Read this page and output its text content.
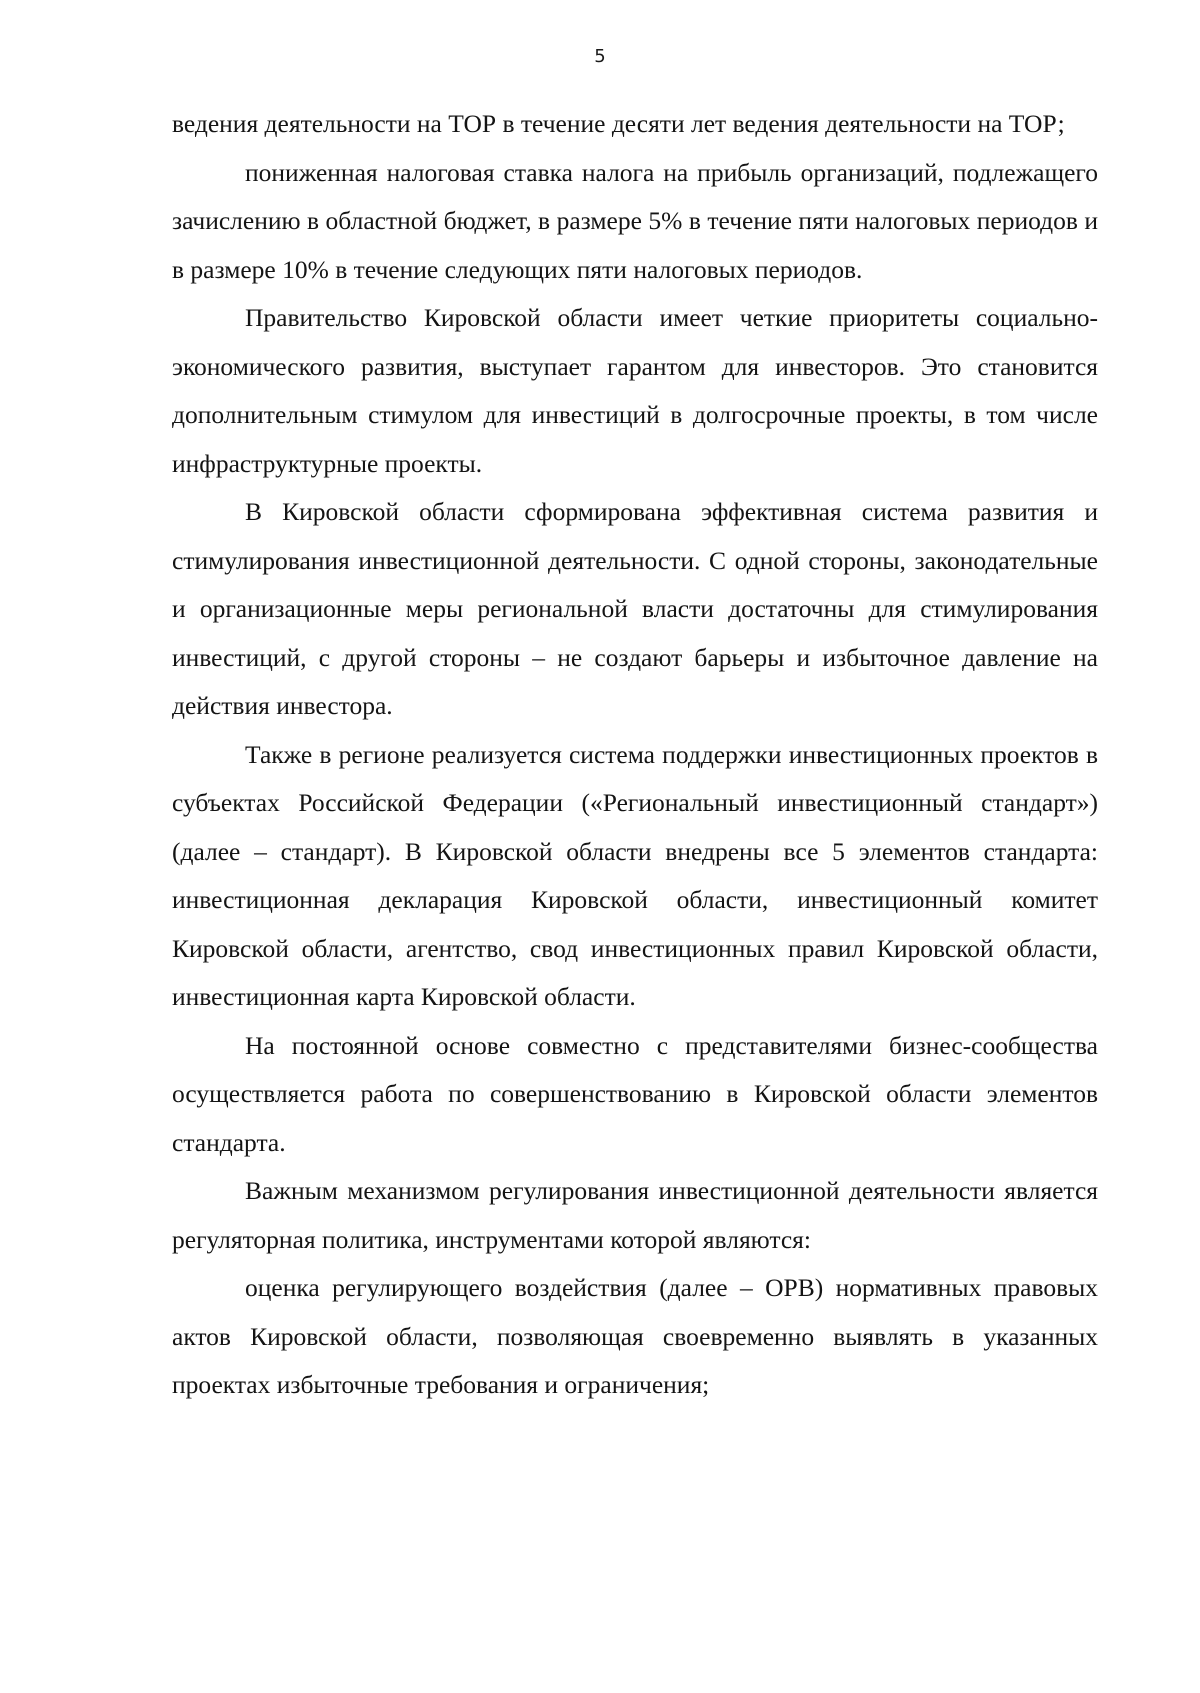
5

ведения деятельности на ТОР в течение десяти лет ведения деятельности на ТОР;

пониженная налоговая ставка налога на прибыль организаций, подлежащего зачислению в областной бюджет, в размере 5% в течение пяти налоговых периодов и в размере 10% в течение следующих пяти налоговых периодов.

Правительство Кировской области имеет четкие приоритеты социально-экономического развития, выступает гарантом для инвесторов. Это становится дополнительным стимулом для инвестиций в долгосрочные проекты, в том числе инфраструктурные проекты.

В Кировской области сформирована эффективная система развития и стимулирования инвестиционной деятельности. С одной стороны, законодательные и организационные меры региональной власти достаточны для стимулирования инвестиций, с другой стороны – не создают барьеры и избыточное давление на действия инвестора.

Также в регионе реализуется система поддержки инвестиционных проектов в субъектах Российской Федерации («Региональный инвестиционный стандарт») (далее – стандарт). В Кировской области внедрены все 5 элементов стандарта: инвестиционная декларация Кировской области, инвестиционный комитет Кировской области, агентство, свод инвестиционных правил Кировской области, инвестиционная карта Кировской области.

На постоянной основе совместно с представителями бизнес-сообщества осуществляется работа по совершенствованию в Кировской области элементов стандарта.

Важным механизмом регулирования инвестиционной деятельности является регуляторная политика, инструментами которой являются:

оценка регулирующего воздействия (далее – ОРВ) нормативных правовых актов Кировской области, позволяющая своевременно выявлять в указанных проектах избыточные требования и ограничения;
